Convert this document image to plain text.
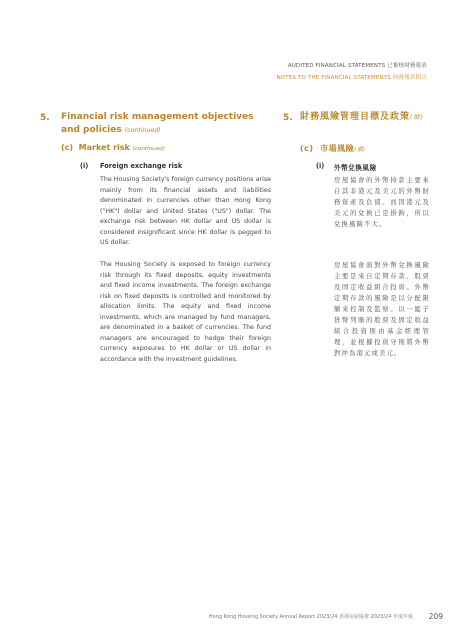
AUDITED FINANCIAL STATEMENTS 已審核財務報表
NOTES TO THE FINANCIAL STATEMENTS 財務報表附註
5. Financial risk management objectives and policies (continued)
(c) Market risk (continued)
(i) Foreign exchange risk
The Housing Society's foreign currency positions arise mainly from its financial assets and liabilities denominated in currencies other than Hong Kong ("HK") dollar and United States ("US") dollar. The exchange risk between HK dollar and US dollar is considered insignificant since HK dollar is pegged to US dollar.
The Housing Society is exposed to foreign currency risk through its fixed deposits, equity investments and fixed income investments. The foreign exchange risk on fixed deposits is controlled and monitored by allocation limits. The equity and fixed income investments, which are managed by fund managers, are denominated in a basket of currencies. The fund managers are encouraged to hedge their foreign currency exposures to HK dollar or US dollar in accordance with the investment guidelines.
5. 財務風險管理目標及政策(續)
(c) 市場風險(續)
(i) 外幣兌換風險
房屋協會的外幣持倉主要來自其非港元及美元的外幣財務資產及負債。而因港元及美元的兌換已是掛鉤，所以兌換風險不大。
房屋協會面對外幣兌換風險主要是來自定期存款、股票及固定收益組合投資。外幣定期存款的風險是以分配限額來控制及監察。以一籃子貨幣列賬的股票及固定收益組合投資則由基金經理管理，並根據投資守則將外幣對沖為港元或美元。
Hong Kong Housing Society Annual Report 2023/24 香港房屋協會 2023/24 年度年報 209
